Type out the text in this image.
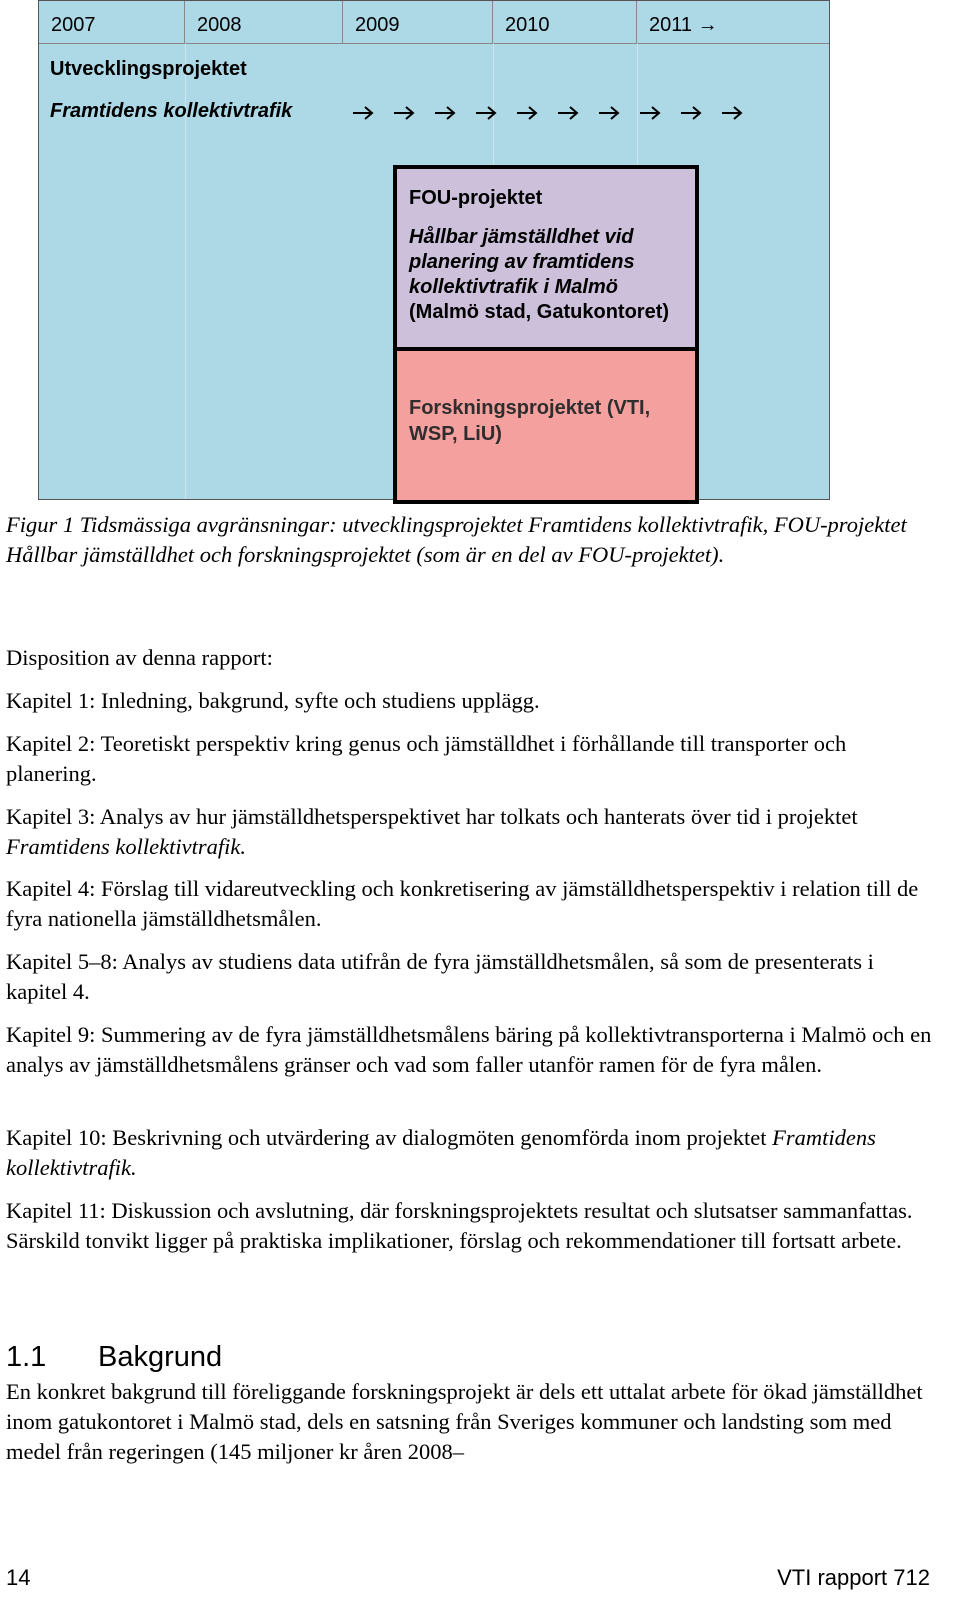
2007	2008	2009	2010	2011 →
Utvecklingsprojektet
Framtidens kollektivtrafik
FOU-projektet
Hållbar jämställdhet vid planering av framtidens kollektivtrafik i Malmö (Malmö stad, Gatukontoret)
Forskningsprojektet (VTI, WSP, LiU)
Figur 1 Tidsmässiga avgränsningar: utvecklingsprojektet Framtidens kollektivtrafik, FOU-projektet Hållbar jämställdhet och forskningsprojektet (som är en del av FOU-projektet).
Disposition av denna rapport:
Kapitel 1: Inledning, bakgrund, syfte och studiens upplägg.
Kapitel 2: Teoretiskt perspektiv kring genus och jämställdhet i förhållande till transporter och planering.
Kapitel 3: Analys av hur jämställdhetsperspektivet har tolkats och hanterats över tid i projektet Framtidens kollektivtrafik.
Kapitel 4: Förslag till vidareutveckling och konkretisering av jämställdhetsperspektiv i relation till de fyra nationella jämställdhetsmålen.
Kapitel 5–8: Analys av studiens data utifrån de fyra jämställdhetsmålen, så som de presenterats i kapitel 4.
Kapitel 9: Summering av de fyra jämställdhetsmålens bäring på kollektivtransporterna i Malmö och en analys av jämställdhetsmålens gränser och vad som faller utanför ramen för de fyra målen.
Kapitel 10: Beskrivning och utvärdering av dialogmöten genomförda inom projektet Framtidens kollektivtrafik.
Kapitel 11: Diskussion och avslutning, där forskningsprojektets resultat och slutsatser sammanfattas. Särskild tonvikt ligger på praktiska implikationer, förslag och rekommendationer till fortsatt arbete.
1.1 Bakgrund
En konkret bakgrund till föreliggande forskningsprojekt är dels ett uttalat arbete för ökad jämställdhet inom gatukontoret i Malmö stad, dels en satsning från Sveriges kommuner och landsting som med medel från regeringen (145 miljoner kr åren 2008–
14	VTI rapport 712
